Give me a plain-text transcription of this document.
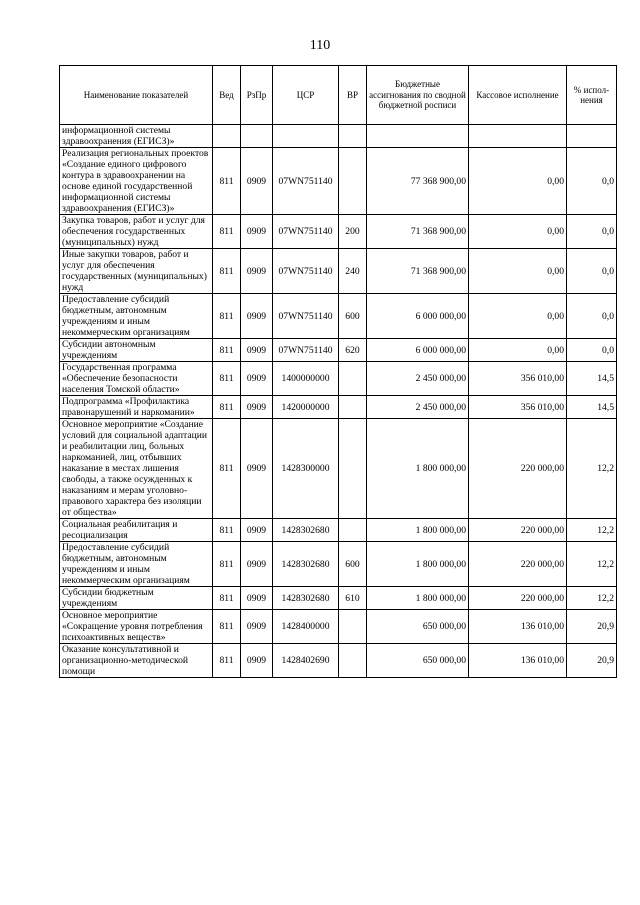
110
Наименование показателей	Вед	РзПр	ЦСР	ВР	Бюджетные ассигнования по сводной бюджетной росписи	Кассовое исполнение	% испол-нения
информационной системы здравоохранения (ЕГИСЗ)»							
Реализация региональных проектов «Создание единого цифрового контура в здравоохранении на основе единой государственной информационной системы здравоохранения (ЕГИСЗ)»	811	0909	07WN751140		77 368 900,00	0,00	0,0
Закупка товаров, работ и услуг для обеспечения государственных (муниципальных) нужд	811	0909	07WN751140	200	71 368 900,00	0,00	0,0
Иные закупки товаров, работ и услуг для обеспечения государственных (муниципальных) нужд	811	0909	07WN751140	240	71 368 900,00	0,00	0,0
Предоставление субсидий бюджетным, автономным учреждениям и иным некоммерческим организациям	811	0909	07WN751140	600	6 000 000,00	0,00	0,0
Субсидии автономным учреждениям	811	0909	07WN751140	620	6 000 000,00	0,00	0,0
Государственная программа «Обеспечение безопасности населения Томской области»	811	0909	1400000000		2 450 000,00	356 010,00	14,5
Подпрограмма «Профилактика правонарушений и наркомании»	811	0909	1420000000		2 450 000,00	356 010,00	14,5
Основное мероприятие «Создание условий для социальной адаптации и реабилитации лиц, больных наркоманией, лиц, отбывших наказание в местах лишения свободы, а также осужденных к наказаниям и мерам уголовно-правового характера без изоляции от общества»	811	0909	1428300000		1 800 000,00	220 000,00	12,2
Социальная реабилитация и ресоциализация	811	0909	1428302680		1 800 000,00	220 000,00	12,2
Предоставление субсидий бюджетным, автономным учреждениям и иным некоммерческим организациям	811	0909	1428302680	600	1 800 000,00	220 000,00	12,2
Субсидии бюджетным учреждениям	811	0909	1428302680	610	1 800 000,00	220 000,00	12,2
Основное мероприятие «Сокращение уровня потребления психоактивных веществ»	811	0909	1428400000		650 000,00	136 010,00	20,9
Оказание консультативной и организационно-методической помощи	811	0909	1428402690		650 000,00	136 010,00	20,9
